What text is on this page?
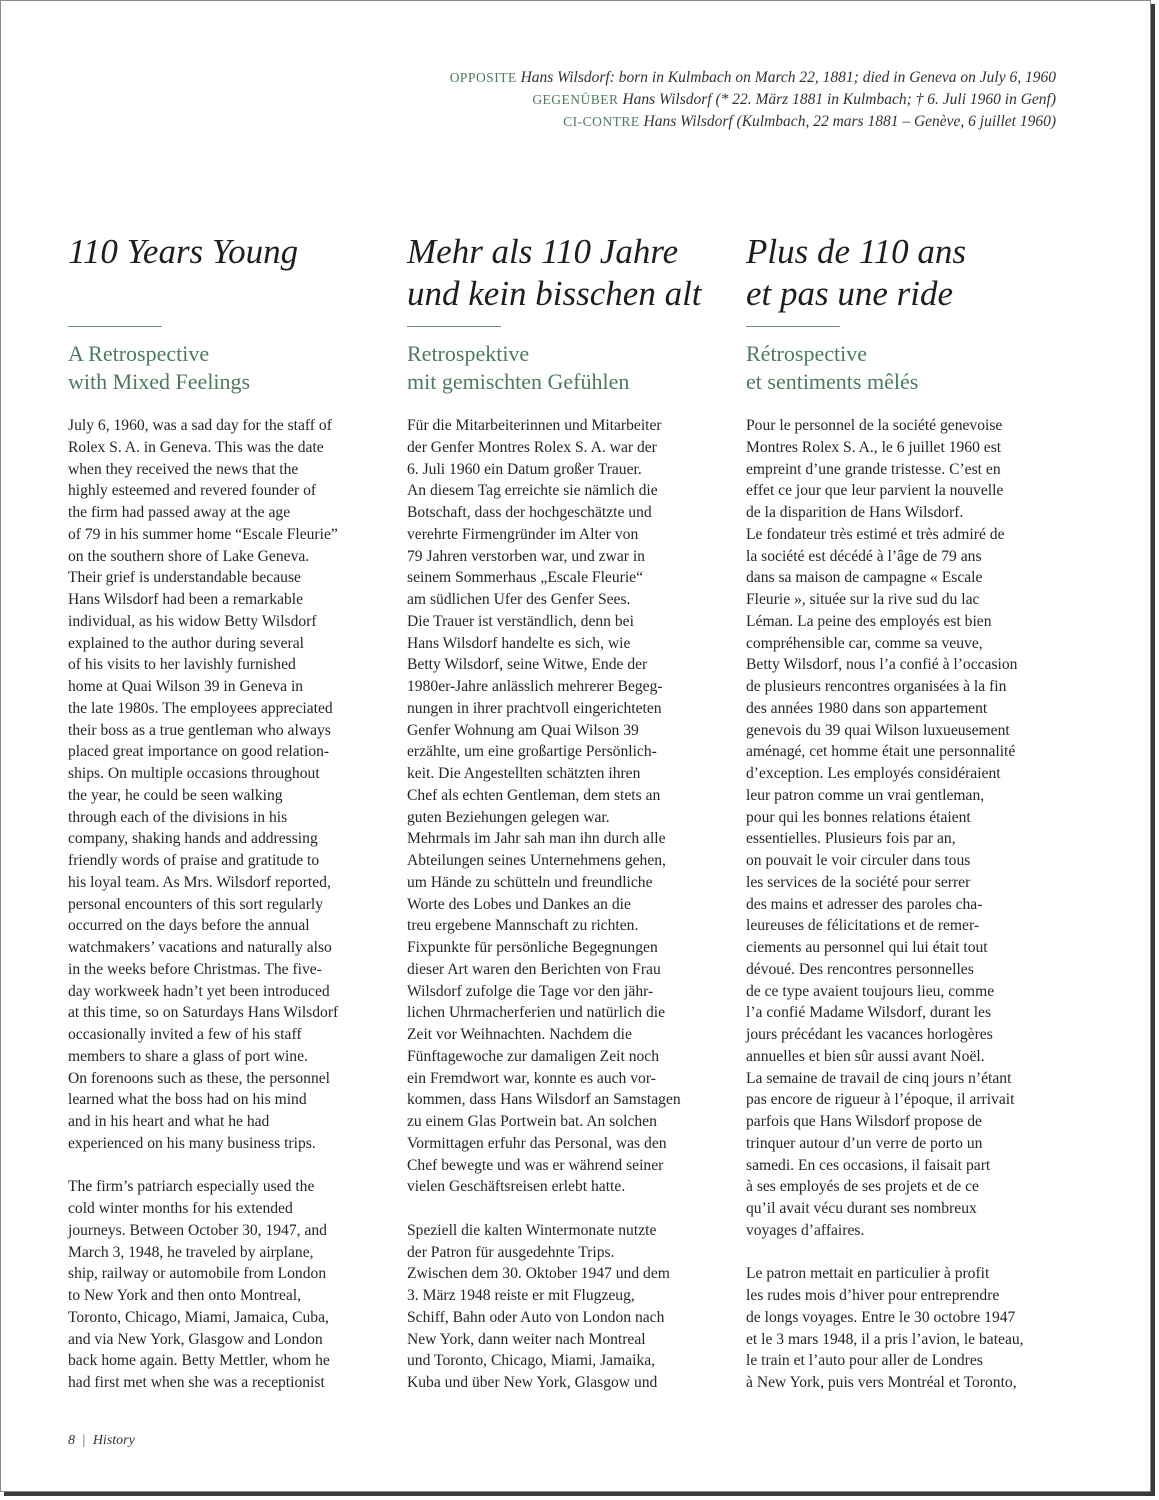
OPPOSITE Hans Wilsdorf: born in Kulmbach on March 22, 1881; died in Geneva on July 6, 1960
GEGENÜBER Hans Wilsdorf (* 22. März 1881 in Kulmbach; † 6. Juli 1960 in Genf)
CI-CONTRE Hans Wilsdorf (Kulmbach, 22 mars 1881 – Genève, 6 juillet 1960)
110 Years Young
A Retrospective
with Mixed Feelings

July 6, 1960, was a sad day for the staff of
Rolex S. A. in Geneva. This was the date
when they received the news that the
highly esteemed and revered founder of
the firm had passed away at the age
of 79 in his summer home “Escale Fleurie”
on the southern shore of Lake Geneva.
Their grief is understandable because
Hans Wilsdorf had been a remarkable
individual, as his widow Betty Wilsdorf
explained to the author during several
of his visits to her lavishly furnished
home at Quai Wilson 39 in Geneva in
the late 1980s. The employees appreciated
their boss as a true gentleman who always
placed great importance on good relation-
ships. On multiple occasions throughout
the year, he could be seen walking
through each of the divisions in his
company, shaking hands and addressing
friendly words of praise and gratitude to
his loyal team. As Mrs. Wilsdorf reported,
personal encounters of this sort regularly
occurred on the days before the annual
watchmakers’ vacations and naturally also
in the weeks before Christmas. The five-
day workweek hadn’t yet been introduced
at this time, so on Saturdays Hans Wilsdorf
occasionally invited a few of his staff
members to share a glass of port wine.
On forenoons such as these, the personnel
learned what the boss had on his mind
and in his heart and what he had
experienced on his many business trips.

The firm’s patriarch especially used the
cold winter months for his extended
journeys. Between October 30, 1947, and
March 3, 1948, he traveled by airplane,
ship, railway or automobile from London
to New York and then onto Montreal,
Toronto, Chicago, Miami, Jamaica, Cuba,
and via New York, Glasgow and London
back home again. Betty Mettler, whom he
had first met when she was a receptionist

Mehr als 110 Jahre
und kein bisschen alt
Retrospektive
mit gemischten Gefühlen

Für die Mitarbeiterinnen und Mitarbeiter
der Genfer Montres Rolex S. A. war der
6. Juli 1960 ein Datum großer Trauer.
An diesem Tag erreichte sie nämlich die
Botschaft, dass der hochgeschätzte und
verehrte Firmengründer im Alter von
79 Jahren verstorben war, und zwar in
seinem Sommerhaus „Escale Fleurie“
am südlichen Ufer des Genfer Sees.
Die Trauer ist verständlich, denn bei
Hans Wilsdorf handelte es sich, wie
Betty Wilsdorf, seine Witwe, Ende der
1980er-Jahre anlässlich mehrerer Begeg-
nungen in ihrer prachtvoll eingerichteten
Genfer Wohnung am Quai Wilson 39
erzählte, um eine großartige Persönlich-
keit. Die Angestellten schätzten ihren
Chef als echten Gentleman, dem stets an
guten Beziehungen gelegen war.
Mehrmals im Jahr sah man ihn durch alle
Abteilungen seines Unternehmens gehen,
um Hände zu schütteln und freundliche
Worte des Lobes und Dankes an die
treu ergebene Mannschaft zu richten.
Fixpunkte für persönliche Begegnungen
dieser Art waren den Berichten von Frau
Wilsdorf zufolge die Tage vor den jähr-
lichen Uhrmacherferien und natürlich die
Zeit vor Weihnachten. Nachdem die
Fünftagewoche zur damaligen Zeit noch
ein Fremdwort war, konnte es auch vor-
kommen, dass Hans Wilsdorf an Samstagen
zu einem Glas Portwein bat. An solchen
Vormittagen erfuhr das Personal, was den
Chef bewegte und was er während seiner
vielen Geschäftsreisen erlebt hatte.

Speziell die kalten Wintermonate nutzte
der Patron für ausgedehnte Trips.
Zwischen dem 30. Oktober 1947 und dem
3. März 1948 reiste er mit Flugzeug,
Schiff, Bahn oder Auto von London nach
New York, dann weiter nach Montreal
und Toronto, Chicago, Miami, Jamaika,
Kuba und über New York, Glasgow und

Plus de 110 ans
et pas une ride
Rétrospective
et sentiments mêlés

Pour le personnel de la société genevoise
Montres Rolex S. A., le 6 juillet 1960 est
empreint d’une grande tristesse. C’est en
effet ce jour que leur parvient la nouvelle
de la disparition de Hans Wilsdorf.
Le fondateur très estimé et très admiré de
la société est décédé à l’âge de 79 ans
dans sa maison de campagne « Escale
Fleurie », située sur la rive sud du lac
Léman. La peine des employés est bien
compréhensible car, comme sa veuve,
Betty Wilsdorf, nous l’a confié à l’occasion
de plusieurs rencontres organisées à la fin
des années 1980 dans son appartement
genevois du 39 quai Wilson luxueusement
aménagé, cet homme était une personnalité
d’exception. Les employés considéraient
leur patron comme un vrai gentleman,
pour qui les bonnes relations étaient
essentielles. Plusieurs fois par an,
on pouvait le voir circuler dans tous
les services de la société pour serrer
des mains et adresser des paroles cha-
leureuses de félicitations et de remer-
ciements au personnel qui lui était tout
dévoué. Des rencontres personnelles
de ce type avaient toujours lieu, comme
l’a confié Madame Wilsdorf, durant les
jours précédant les vacances horlogères
annuelles et bien sûr aussi avant Noël.
La semaine de travail de cinq jours n’étant
pas encore de rigueur à l’époque, il arrivait
parfois que Hans Wilsdorf propose de
trinquer autour d’un verre de porto un
samedi. En ces occasions, il faisait part
à ses employés de ses projets et de ce
qu’il avait vécu durant ses nombreux
voyages d’affaires.

Le patron mettait en particulier à profit
les rudes mois d’hiver pour entreprendre
de longs voyages. Entre le 30 octobre 1947
et le 3 mars 1948, il a pris l’avion, le bateau,
le train et l’auto pour aller de Londres
à New York, puis vers Montréal et Toronto,

8 | History
